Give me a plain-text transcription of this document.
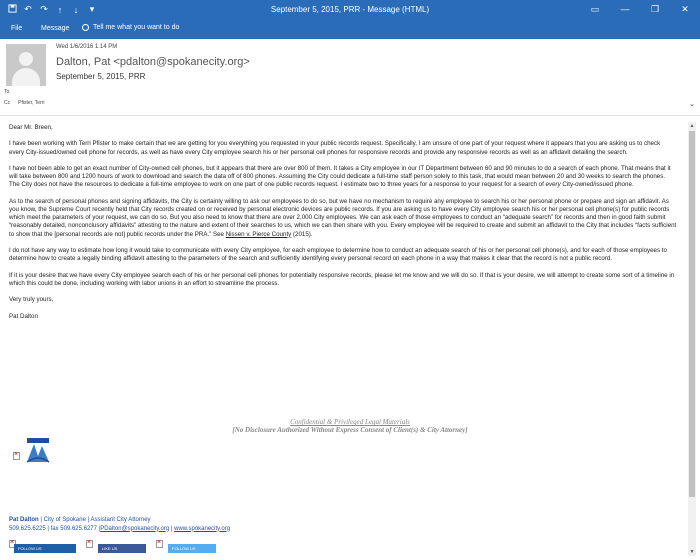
↶ ↷	↑	↓	▾	September 5, 2015, PRR - Message (HTML)	▭	—	❐	✕
File	Message	Tell me what you want to do
Wed 1/6/2016 1:14 PM
Dalton, Pat <pdalton@spokanecity.org>
September 5, 2015, PRR
To
Cc Pfister, Terri	⌄

Dear Mr. Breen,

I have been working with Terri Pfister to make certain that we are getting for you everything you requested in your public records request. Specifically, I am unsure of one part of your request where it appears that you are asking us to check every City-issued/owned cell phone for records, as well as have every City employee search his or her personal cell phones for responsive records and provide any responsive records as well as an affidavit detailing the search.

I have not been able to get an exact number of City-owned cell phones, but it appears that there are over 800 of them. It takes a City employee in our IT Department between 60 and 90 minutes to do a search of each phone. That means that it will take between 800 and 1200 hours of work to download and search the data off of 800 phones. Assuming the City could dedicate a full-time staff person solely to this task, that would mean between 20 and 30 weeks to search the phones. The City does not have the resources to dedicate a full-time employee to work on one part of one public records request. I estimate two to three years for a response to your request for a search of every City-owned/issued phone.

As to the search of personal phones and signing affidavits, the City is certainly willing to ask our employees to do so, but we have no mechanism to require any employee to search his or her personal phone or prepare and sign an affidavit. As you know, the Supreme Court recently held that City records created on or received by personal electronic devices are public records. If you are asking us to have every City employee search his or her personal cell phone(s) for public records which meet the parameters of your request, we can do so. But you also need to know that there are over 2,000 City employees. We can ask each of those employees to conduct an “adequate search” for records and then in good faith submit “reasonably detailed, nonconclusory affidavits” attesting to the nature and extent of their searches to us, which we can then share with you. Every employee will be required to create and submit an affidavit to the City that includes “facts sufficient to show that the [personal records are not] public records under the PRA.” See Nissen v. Pierce County (2015).

I do not have any way to estimate how long it would take to communicate with every City employee, for each employee to determine how to conduct an adequate search of his or her personal cell phone(s), and for each of those employees to determine how to create a legally binding affidavit attesting to the parameters of the search and sufficiently identifying every personal record on each phone in a way that makes it clear that the record is not a public record.

If it is your desire that we have every City employee search each of his or her personal cell phones for potentially responsive records, please let me know and we will do so. If that is your desire, we will attempt to create some sort of a timeline in which this could be done, including working with labor unions in an effort to streamline the process.

Very truly yours,

Pat Dalton

Confidential & Privileged Legal Materials
[No Disclosure Authorized Without Express Consent of Client(s) & City Attorney]
×
Pat Dalton | City of Spokane | Assistant City Attorney
509.625.6225 | fax 509.625.6277 |PDalton@spokanecity.org | www.spokanecity.org
×
FOLLOW US
×	LIKE US
×	FOLLOW US
▲
▼
